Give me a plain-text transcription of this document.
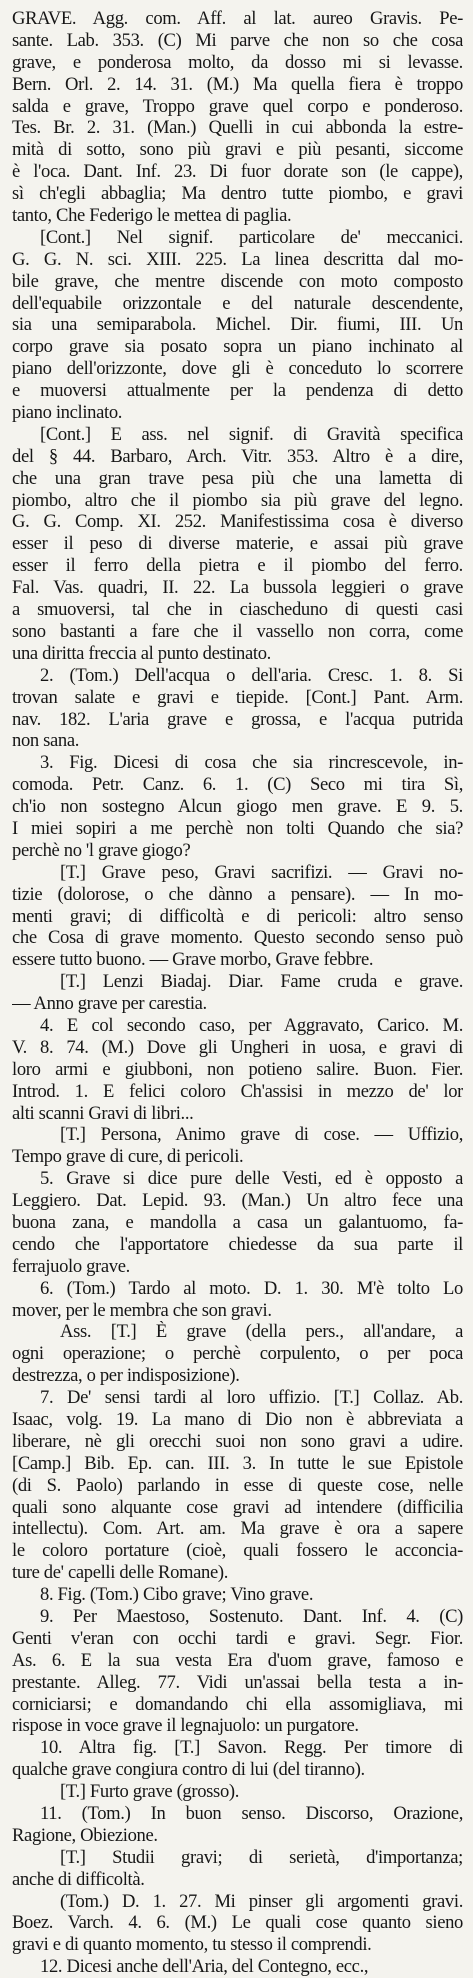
GRAVE. Agg. com. Aff. al lat. aureo Gravis. Pe-
sante. Lab. 353. (C) Mi parve che non so che cosa
grave, e ponderosa molto, da dosso mi si levasse.
Bern. Orl. 2. 14. 31. (M.) Ma quella fiera è troppo
salda e grave, Troppo grave quel corpo e ponderoso.
Tes. Br. 2. 31. (Man.) Quelli in cui abbonda la estre-
mità di sotto, sono più gravi e più pesanti, siccome
è l'oca. Dant. Inf. 23. Di fuor dorate son (le cappe),
sì ch'egli abbaglia; Ma dentro tutte piombo, e gravi
tanto, Che Federigo le mettea di paglia.
[Cont.] Nel signif. particolare de' meccanici.
G. G. N. sci. XIII. 225. La linea descritta dal mo-
bile grave, che mentre discende con moto composto
dell'equabile orizzontale e del naturale descendente,
sia una semiparabola. Michel. Dir. fiumi, III. Un
corpo grave sia posato sopra un piano inchinato al
piano dell'orizzonte, dove gli è conceduto lo scorrere
e muoversi attualmente per la pendenza di detto
piano inclinato.
[Cont.] E ass. nel signif. di Gravità specifica
del § 44. Barbaro, Arch. Vitr. 353. Altro è a dire,
che una gran trave pesa più che una lametta di
piombo, altro che il piombo sia più grave del legno.
G. G. Comp. XI. 252. Manifestissima cosa è diverso
esser il peso di diverse materie, e assai più grave
esser il ferro della pietra e il piombo del ferro.
Fal. Vas. quadri, II. 22. La bussola leggieri o grave
a smuoversi, tal che in ciascheduno di questi casi
sono bastanti a fare che il vassello non corra, come
una diritta freccia al punto destinato.
2. (Tom.) Dell'acqua o dell'aria. Cresc. 1. 8. Si
trovan salate e gravi e tiepide. [Cont.] Pant. Arm.
nav. 182. L'aria grave e grossa, e l'acqua putrida
non sana.
3. Fig. Dicesi di cosa che sia rincrescevole, in-
comoda. Petr. Canz. 6. 1. (C) Seco mi tira Sì,
ch'io non sostegno Alcun giogo men grave. E 9. 5.
I miei sopiri a me perchè non tolti Quando che sia?
perchè no 'l grave giogo?
[T.] Grave peso, Gravi sacrifizi. — Gravi no-
tizie (dolorose, o che dànno a pensare). — In mo-
menti gravi; di difficoltà e di pericoli: altro senso
che Cosa di grave momento. Questo secondo senso può
essere tutto buono. — Grave morbo, Grave febbre.
[T.] Lenzi Biadaj. Diar. Fame cruda e grave.
— Anno grave per carestia.
4. E col secondo caso, per Aggravato, Carico. M.
V. 8. 74. (M.) Dove gli Ungheri in uosa, e gravi di
loro armi e giubboni, non potieno salire. Buon. Fier.
Introd. 1. E felici coloro Ch'assisi in mezzo de' lor
alti scanni Gravi di libri...
[T.] Persona, Animo grave di cose. — Uffizio,
Tempo grave di cure, di pericoli.
5. Grave si dice pure delle Vesti, ed è opposto a
Leggiero. Dat. Lepid. 93. (Man.) Un altro fece una
buona zana, e mandolla a casa un galantuomo, fa-
cendo che l'apportatore chiedesse da sua parte il
ferrajuolo grave.
6. (Tom.) Tardo al moto. D. 1. 30. M'è tolto Lo
mover, per le membra che son gravi.
Ass. [T.] È grave (della pers., all'andare, a
ogni operazione; o perchè corpulento, o per poca
destrezza, o per indisposizione).
7. De' sensi tardi al loro uffizio. [T.] Collaz. Ab.
Isaac, volg. 19. La mano di Dio non è abbreviata a
liberare, nè gli orecchi suoi non sono gravi a udire.
[Camp.] Bib. Ep. can. III. 3. In tutte le sue Epistole
(di S. Paolo) parlando in esse di queste cose, nelle
quali sono alquante cose gravi ad intendere (difficilia
intellectu). Com. Art. am. Ma grave è ora a sapere
le coloro portature (cioè, quali fossero le acconcia-
ture de' capelli delle Romane).
8. Fig. (Tom.) Cibo grave; Vino grave.
9. Per Maestoso, Sostenuto. Dant. Inf. 4. (C)
Genti v'eran con occhi tardi e gravi. Segr. Fior.
As. 6. E la sua vesta Era d'uom grave, famoso e
prestante. Alleg. 77. Vidi un'assai bella testa a in-
corniciarsi; e domandando chi ella assomigliava, mi
rispose in voce grave il legnajuolo: un purgatore.
10. Altra fig. [T.] Savon. Regg. Per timore di
qualche grave congiura contro di lui (del tiranno).
[T.] Furto grave (grosso).
11. (Tom.) In buon senso. Discorso, Orazione,
Ragione, Obiezione.
[T.] Studii gravi; di serietà, d'importanza;
anche di difficoltà.
(Tom.) D. 1. 27. Mi pinser gli argomenti gravi.
Boez. Varch. 4. 6. (M.) Le quali cose quanto sieno
gravi e di quanto momento, tu stesso il comprendi.
12. Dicesi anche dell'Aria, del Contegno, ecc.,
